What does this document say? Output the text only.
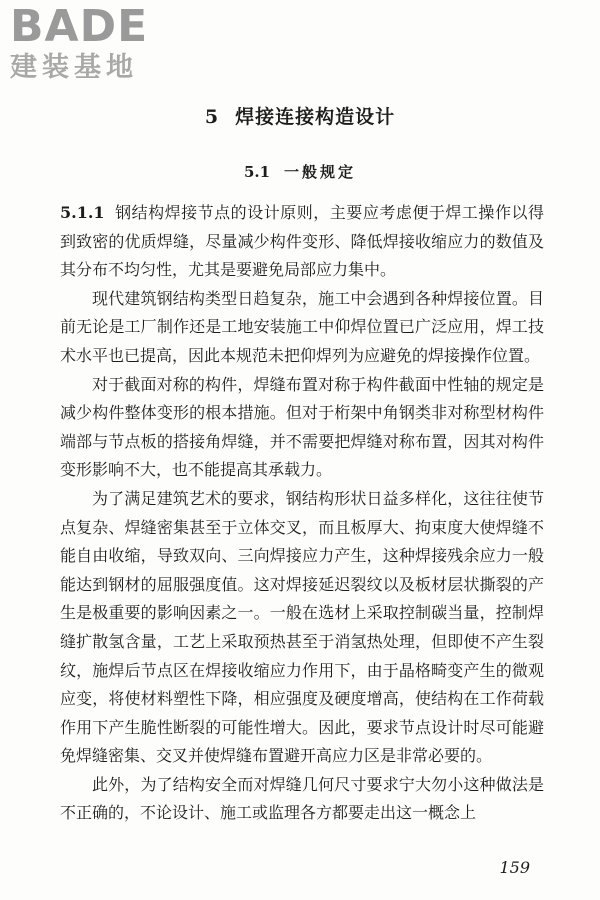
BADE
建装基地
5 焊接连接构造设计
5.1 一般规定

5.1.1 钢结构焊接节点的设计原则，主要应考虑便于焊工操作以得到致密的优质焊缝，尽量减少构件变形、降低焊接收缩应力的数值及其分布不均匀性，尤其是要避免局部应力集中。

现代建筑钢结构类型日趋复杂，施工中会遇到各种焊接位置。目前无论是工厂制作还是工地安装施工中仰焊位置已广泛应用，焊工技术水平也已提高，因此本规范未把仰焊列为应避免的焊接操作位置。

对于截面对称的构件，焊缝布置对称于构件截面中性轴的规定是减少构件整体变形的根本措施。但对于桁架中角钢类非对称型材构件端部与节点板的搭接角焊缝，并不需要把焊缝对称布置，因其对构件变形影响不大，也不能提高其承载力。

为了满足建筑艺术的要求，钢结构形状日益多样化，这往往使节点复杂、焊缝密集甚至于立体交叉，而且板厚大、拘束度大使焊缝不能自由收缩，导致双向、三向焊接应力产生，这种焊接残余应力一般能达到钢材的屈服强度值。这对焊接延迟裂纹以及板材层状撕裂的产生是极重要的影响因素之一。一般在选材上采取控制碳当量，控制焊缝扩散氢含量，工艺上采取预热甚至于消氢热处理，但即使不产生裂纹，施焊后节点区在焊接收缩应力作用下，由于晶格畸变产生的微观应变，将使材料塑性下降，相应强度及硬度增高，使结构在工作荷载作用下产生脆性断裂的可能性增大。因此，要求节点设计时尽可能避免焊缝密集、交叉并使焊缝布置避开高应力区是非常必要的。

此外，为了结构安全而对焊缝几何尺寸要求宁大勿小这种做法是不正确的，不论设计、施工或监理各方都要走出这一概念上

159
